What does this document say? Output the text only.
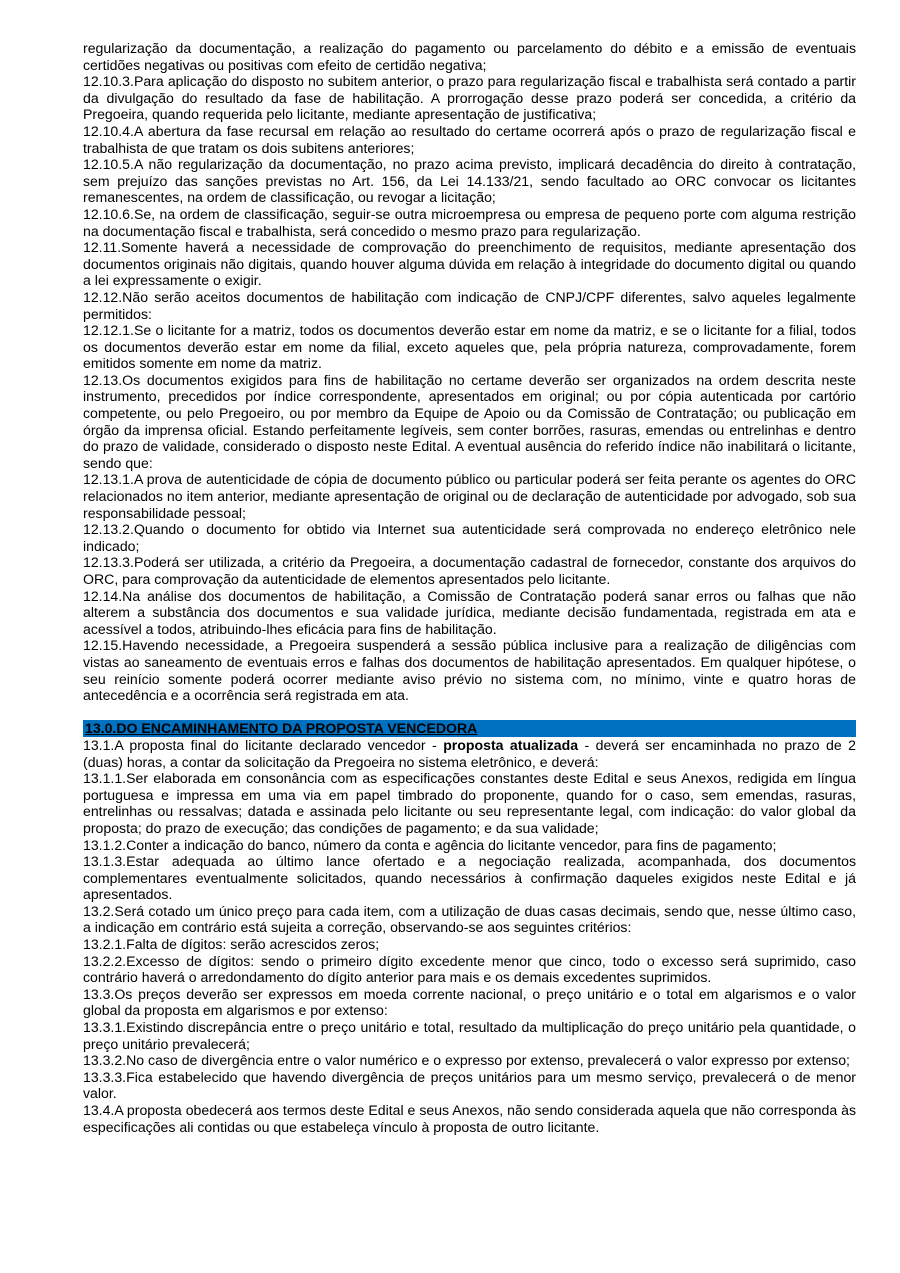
regularização da documentação, a realização do pagamento ou parcelamento do débito e a emissão de eventuais certidões negativas ou positivas com efeito de certidão negativa;

12.10.3.Para aplicação do disposto no subitem anterior, o prazo para regularização fiscal e trabalhista será contado a partir da divulgação do resultado da fase de habilitação. A prorrogação desse prazo poderá ser concedida, a critério da Pregoeira, quando requerida pelo licitante, mediante apresentação de justificativa;

12.10.4.A abertura da fase recursal em relação ao resultado do certame ocorrerá após o prazo de regularização fiscal e trabalhista de que tratam os dois subitens anteriores;

12.10.5.A não regularização da documentação, no prazo acima previsto, implicará decadência do direito à contratação, sem prejuízo das sanções previstas no Art. 156, da Lei 14.133/21, sendo facultado ao ORC convocar os licitantes remanescentes, na ordem de classificação, ou revogar a licitação;

12.10.6.Se, na ordem de classificação, seguir-se outra microempresa ou empresa de pequeno porte com alguma restrição na documentação fiscal e trabalhista, será concedido o mesmo prazo para regularização.

12.11.Somente haverá a necessidade de comprovação do preenchimento de requisitos, mediante apresentação dos documentos originais não digitais, quando houver alguma dúvida em relação à integridade do documento digital ou quando a lei expressamente o exigir.

12.12.Não serão aceitos documentos de habilitação com indicação de CNPJ/CPF diferentes, salvo aqueles legalmente permitidos:

12.12.1.Se o licitante for a matriz, todos os documentos deverão estar em nome da matriz, e se o licitante for a filial, todos os documentos deverão estar em nome da filial, exceto aqueles que, pela própria natureza, comprovadamente, forem emitidos somente em nome da matriz.

12.13.Os documentos exigidos para fins de habilitação no certame deverão ser organizados na ordem descrita neste instrumento, precedidos por índice correspondente, apresentados em original; ou por cópia autenticada por cartório competente, ou pelo Pregoeiro, ou por membro da Equipe de Apoio ou da Comissão de Contratação; ou publicação em órgão da imprensa oficial. Estando perfeitamente legíveis, sem conter borrões, rasuras, emendas ou entrelinhas e dentro do prazo de validade, considerado o disposto neste Edital. A eventual ausência do referido índice não inabilitará o licitante, sendo que:

12.13.1.A prova de autenticidade de cópia de documento público ou particular poderá ser feita perante os agentes do ORC relacionados no item anterior, mediante apresentação de original ou de declaração de autenticidade por advogado, sob sua responsabilidade pessoal;

12.13.2.Quando o documento for obtido via Internet sua autenticidade será comprovada no endereço eletrônico nele indicado;

12.13.3.Poderá ser utilizada, a critério da Pregoeira, a documentação cadastral de fornecedor, constante dos arquivos do ORC, para comprovação da autenticidade de elementos apresentados pelo licitante.

12.14.Na análise dos documentos de habilitação, a Comissão de Contratação poderá sanar erros ou falhas que não alterem a substância dos documentos e sua validade jurídica, mediante decisão fundamentada, registrada em ata e acessível a todos, atribuindo-lhes eficácia para fins de habilitação.

12.15.Havendo necessidade, a Pregoeira suspenderá a sessão pública inclusive para a realização de diligências com vistas ao saneamento de eventuais erros e falhas dos documentos de habilitação apresentados. Em qualquer hipótese, o seu reinício somente poderá ocorrer mediante aviso prévio no sistema com, no mínimo, vinte e quatro horas de antecedência e a ocorrência será registrada em ata.

13.0.DO ENCAMINHAMENTO DA PROPOSTA VENCEDORA

13.1.A proposta final do licitante declarado vencedor - proposta atualizada - deverá ser encaminhada no prazo de 2 (duas) horas, a contar da solicitação da Pregoeira no sistema eletrônico, e deverá:

13.1.1.Ser elaborada em consonância com as especificações constantes deste Edital e seus Anexos, redigida em língua portuguesa e impressa em uma via em papel timbrado do proponente, quando for o caso, sem emendas, rasuras, entrelinhas ou ressalvas; datada e assinada pelo licitante ou seu representante legal, com indicação: do valor global da proposta; do prazo de execução; das condições de pagamento; e da sua validade;

13.1.2.Conter a indicação do banco, número da conta e agência do licitante vencedor, para fins de pagamento;

13.1.3.Estar adequada ao último lance ofertado e a negociação realizada, acompanhada, dos documentos complementares eventualmente solicitados, quando necessários à confirmação daqueles exigidos neste Edital e já apresentados.

13.2.Será cotado um único preço para cada item, com a utilização de duas casas decimais, sendo que, nesse último caso, a indicação em contrário está sujeita a correção, observando-se aos seguintes critérios:

13.2.1.Falta de dígitos: serão acrescidos zeros;

13.2.2.Excesso de dígitos: sendo o primeiro dígito excedente menor que cinco, todo o excesso será suprimido, caso contrário haverá o arredondamento do dígito anterior para mais e os demais excedentes suprimidos.

13.3.Os preços deverão ser expressos em moeda corrente nacional, o preço unitário e o total em algarismos e o valor global da proposta em algarismos e por extenso:

13.3.1.Existindo discrepância entre o preço unitário e total, resultado da multiplicação do preço unitário pela quantidade, o preço unitário prevalecerá;

13.3.2.No caso de divergência entre o valor numérico e o expresso por extenso, prevalecerá o valor expresso por extenso;

13.3.3.Fica estabelecido que havendo divergência de preços unitários para um mesmo serviço, prevalecerá o de menor valor.

13.4.A proposta obedecerá aos termos deste Edital e seus Anexos, não sendo considerada aquela que não corresponda às especificações ali contidas ou que estabeleça vínculo à proposta de outro licitante.
